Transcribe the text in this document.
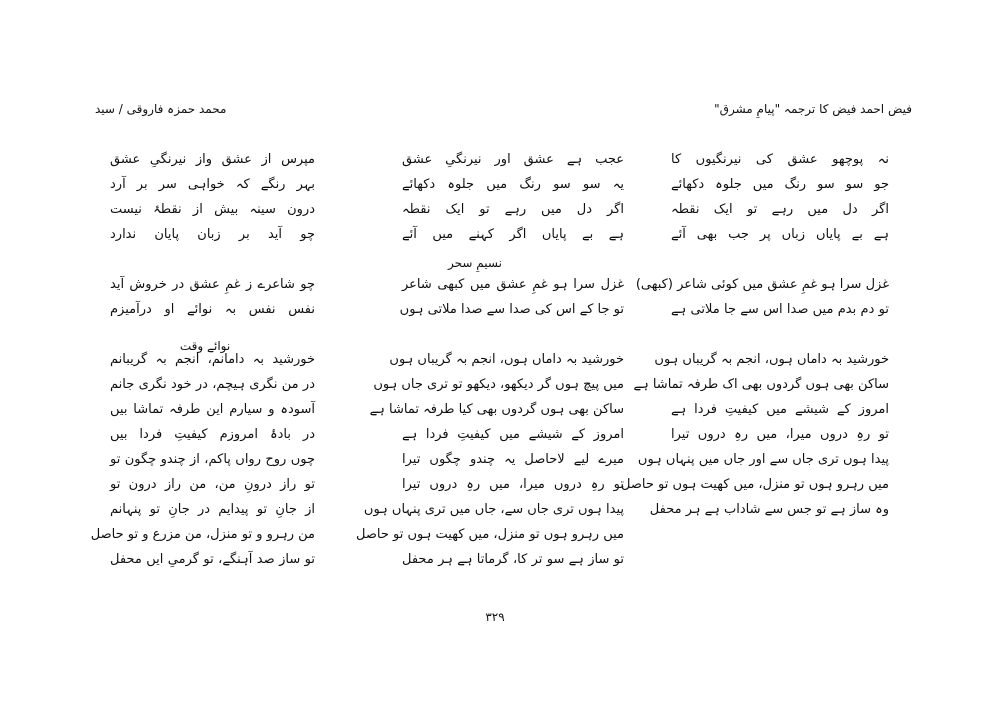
فیض احمد فیض کا ترجمہ "پیامِ مشرق"
محمد حمزہ فاروقی / سید
نہ پوچھو عشق کی نیرنگیوں کا
جو سو سو رنگ میں جلوہ دکھائے
اگر دل میں رہے تو ایک نقطہ
ہے بے پایاں زباں پر جب بھی آئے
غزل سرا ہو غمِ عشق میں کوئی شاعر (کبھی)
تو دم بدم میں صدا اس سے جا ملاتی ہے
خورشید بہ داماں ہوں، انجم بہ گریباں ہوں
ساکن بھی ہوں گردوں بھی اک طرفہ تماشا ہے
امروز کے شیشے میں کیفیتِ فردا ہے
تو رہِ دروں میرا، میں رہِ دروں تیرا
پیدا ہوں تری جاں سے اور جاں میں پنہاں ہوں
میں رہرو ہوں تو منزل، میں کھیت ہوں تو حاصل
وہ ساز ہے تو جس سے شاداب ہے ہر محفل
عجب ہے عشق اور نیرنگیِ عشق
یہ سو سو رنگ میں جلوہ دکھائے
اگر دل میں رہے تو ایک نقطہ
ہے بے پایاں اگر کہنے میں آئے
غزل سرا ہو غمِ عشق میں کبھی شاعر
تو جا کے اس کی صدا سے صدا ملاتی ہوں
خورشید بہ داماں ہوں، انجم بہ گریباں ہوں
میں پیچ ہوں گر دیکھو، دیکھو تو تری جاں ہوں
ساکن بھی ہوں گردوں بھی کیا طرفہ تماشا ہے
امروز کے شیشے میں کیفیتِ فردا ہے
میرے لیے لاحاصل یہ چندو چگوں تیرا
تو رہِ دروں میرا، میں رہِ دروں تیرا
پیدا ہوں تری جاں سے، جاں میں تری پنہاں ہوں
میں رہرو ہوں تو منزل، میں کھیت ہوں تو حاصل
تو ساز ہے سو تر کا، گرماتا ہے ہر محفل
نسیمِ سحر
مپرس از عشق واز نیرنگیِ عشق
بہر رنگے کہ خواہی سر بر آرد
درون سینہ بیش از نقطۂ نیست
چو آید بر زبان پایان ندارد
چو شاعرے ز غمِ عشق در خروش آید
نفس نفس بہ نوائے او درآمیزم
خورشید بہ دامانم، انجم بہ گریبانم
در من نگری ہیچم، در خود نگری جانم
آسودہ و سیارم این طرفہ تماشا بیں
در بادۂ امروزم کیفیتِ فردا بیں
چوں روح رواں پاکم، از چندو چگون تو
تو راز درونِ من، من راز درون تو
از جانِ تو پیدایم در جانِ تو پنہانم
من رہرو و تو منزل، من مزرع و تو حاصل
تو ساز صد آہنگے، تو گرمیِ ایں محفل
نوائے وقت
۳۲۹
